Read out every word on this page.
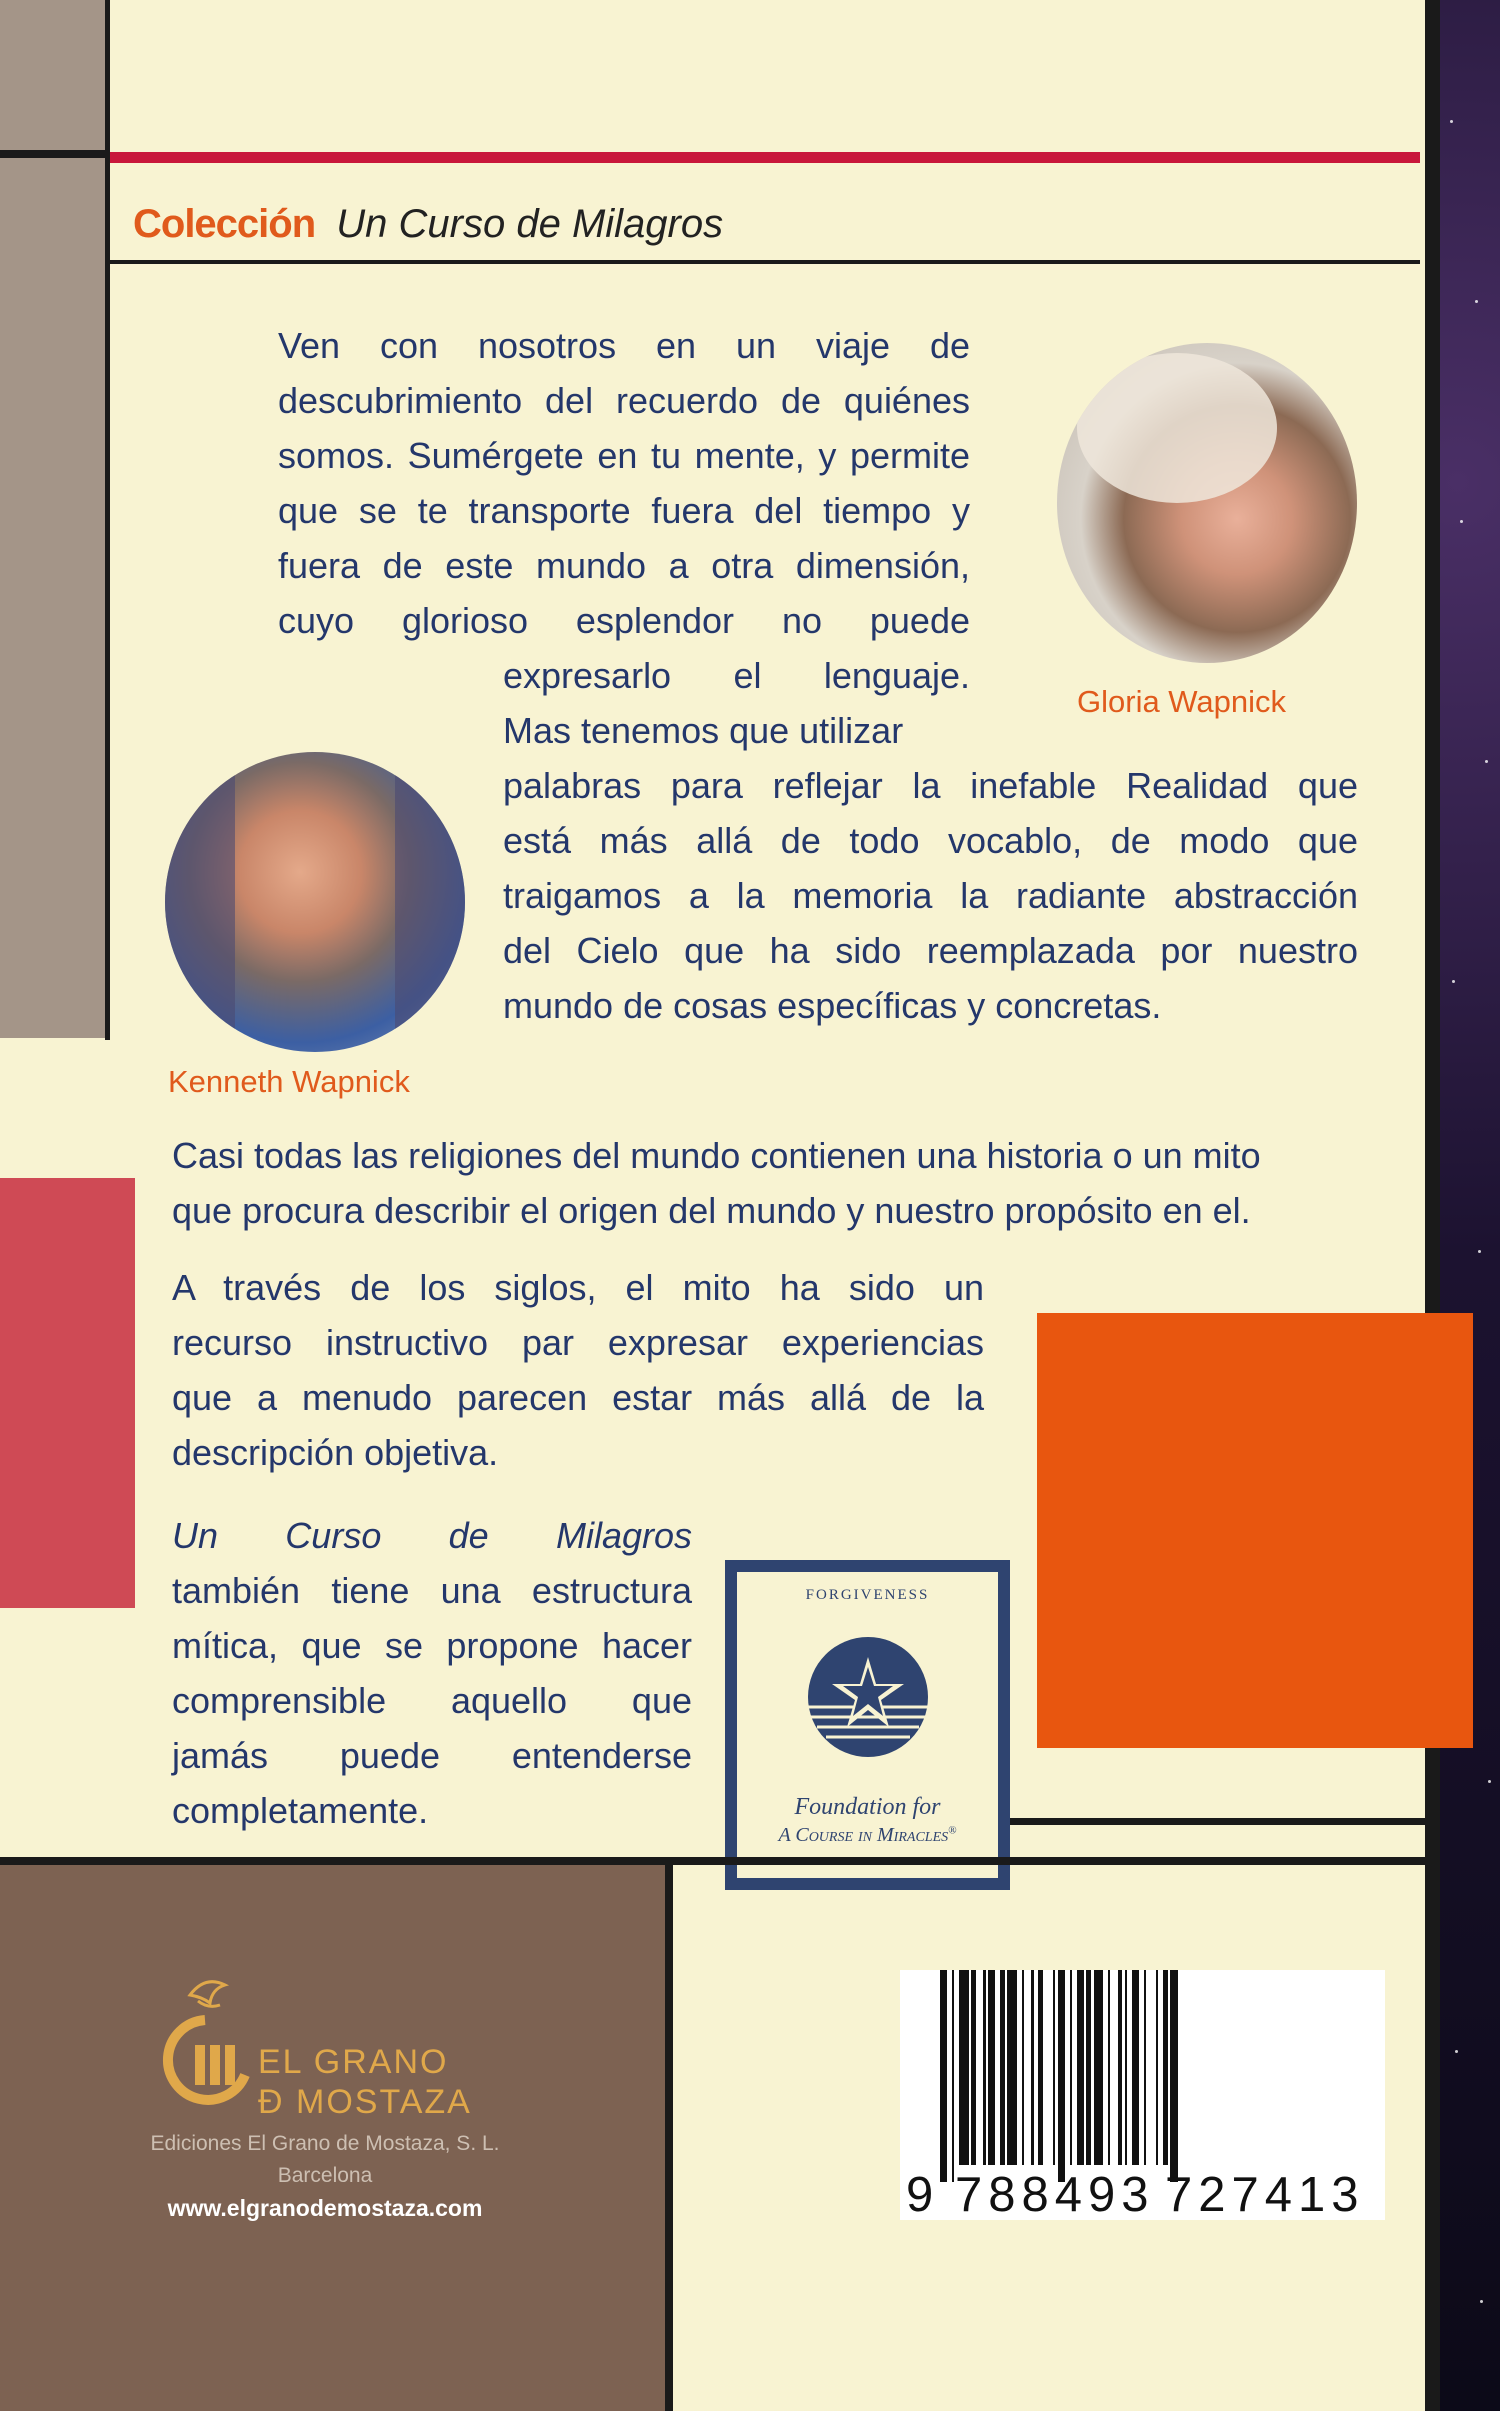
Colección Un Curso de Milagros
Gloria Wapnick
Kenneth Wapnick

Ven con nosotros en un viaje de

descubrimiento del recuerdo de quiénes

somos. Sumérgete en tu mente, y permite

que se te transporte fuera del tiempo y

fuera de este mundo a otra dimensión,

cuyo glorioso esplendor no puede

expresarlo el lenguaje.

Mas tenemos que utilizar

palabras para reflejar la inefable Realidad que

está más allá de todo vocablo, de modo que

traigamos a la memoria la radiante abstracción

del Cielo que ha sido reemplazada por nuestro

mundo de cosas específicas y concretas.

Casi todas las religiones del mundo contienen una historia o un mito

que procura describir el origen del mundo y nuestro propósito en el.

A través de los siglos, el mito ha sido un

recurso instructivo par expresar experiencias

que a menudo parecen estar más allá de la

descripción objetiva.

Un Curso de Milagros

también tiene una estructura

mítica, que se propone hacer

comprensible aquello que

jamás puede entenderse

completamente.

FORGIVENESS
Foundation for
A Course in Miracles®
EL GRANO
Đ MOSTAZA
Ediciones El Grano de Mostaza, S. L.
Barcelona
www.elgranodemostaza.com	9 788493 727413
